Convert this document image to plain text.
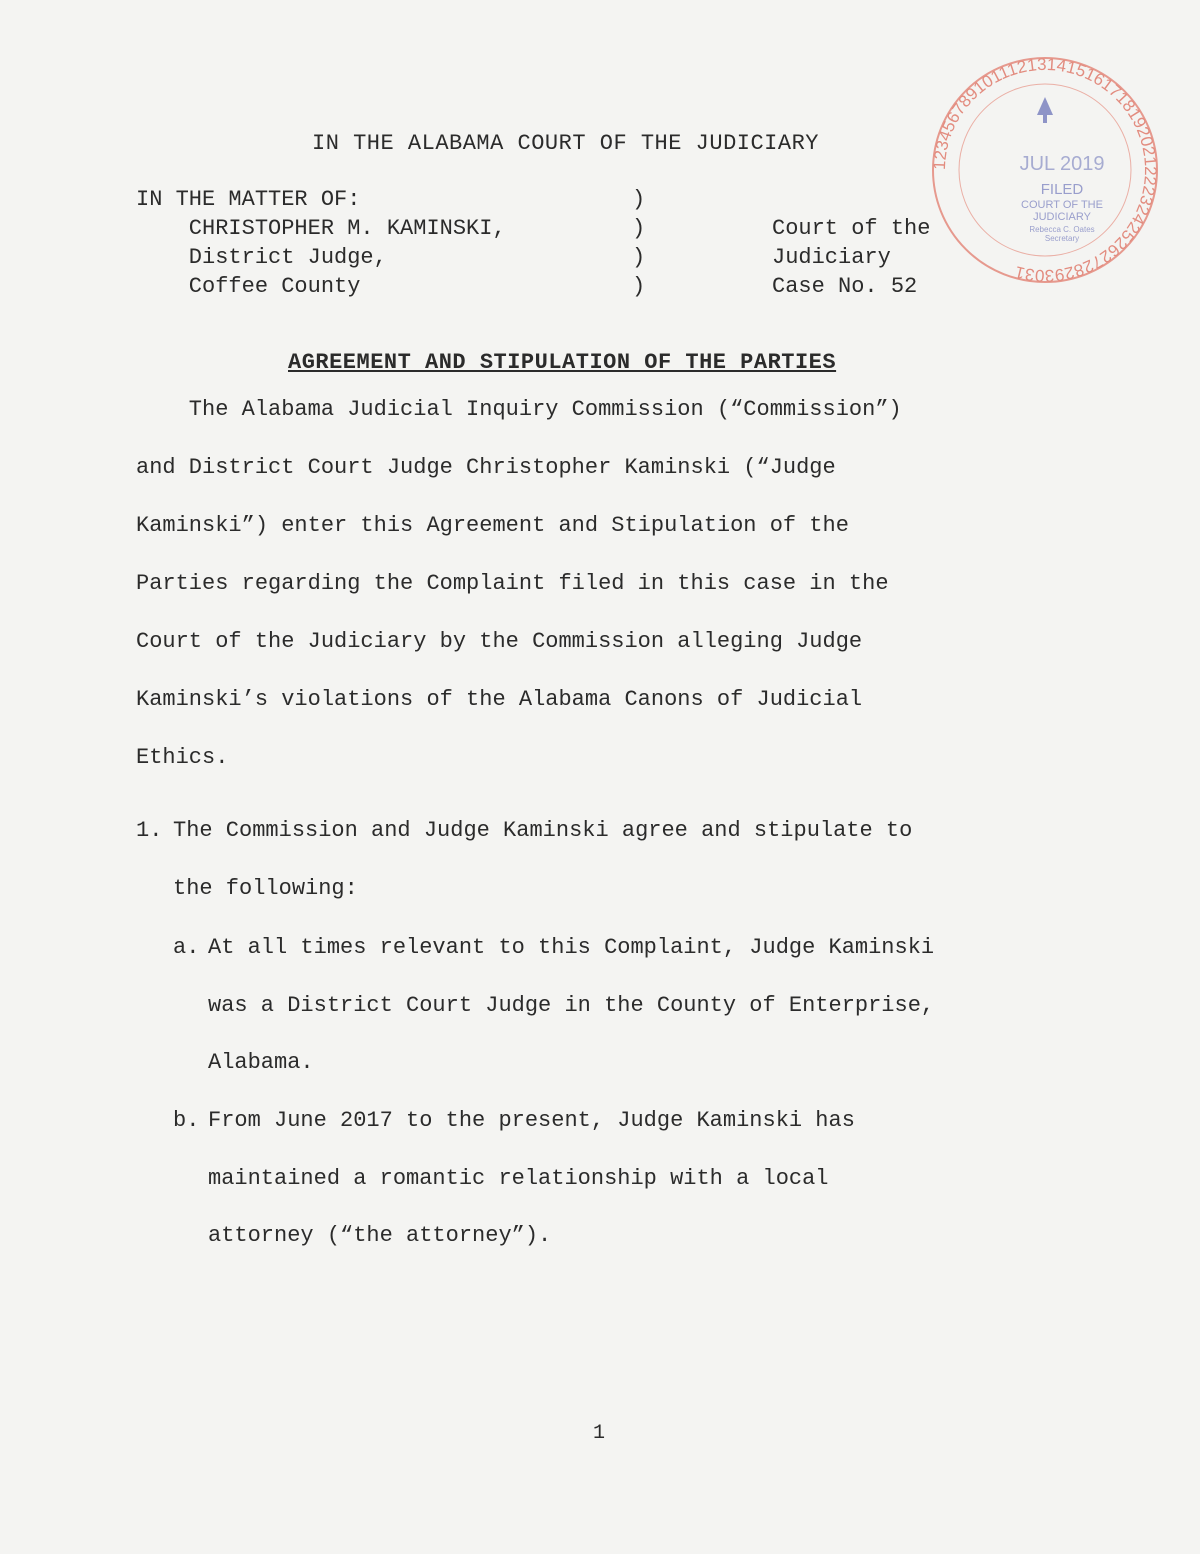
IN THE ALABAMA COURT OF THE JUDICIARY
IN THE MATTER OF:
CHRISTOPHER M. KAMINSKI,
District Judge,
Coffee County
)
)
)
)
Court of the
Judiciary
Case No. 52
12345678910111213141516171819202122232425262728293031
JUL 2019
FILED
COURT OF THE
JUDICIARY
Rebecca C. Oates
Secretary
AGREEMENT AND STIPULATION OF THE PARTIES
The Alabama Judicial Inquiry Commission (“Commission”)
and District Court Judge Christopher Kaminski (“Judge
Kaminski”) enter this Agreement and Stipulation of the
Parties regarding the Complaint filed in this case in the
Court of the Judiciary by the Commission alleging Judge
Kaminski’s violations of the Alabama Canons of Judicial
Ethics.
1. The Commission and Judge Kaminski agree and stipulate to
the following:
a. At all times relevant to this Complaint, Judge Kaminski
was a District Court Judge in the County of Enterprise,
Alabama.
b. From June 2017 to the present, Judge Kaminski has
maintained a romantic relationship with a local
attorney (“the attorney”).
1
